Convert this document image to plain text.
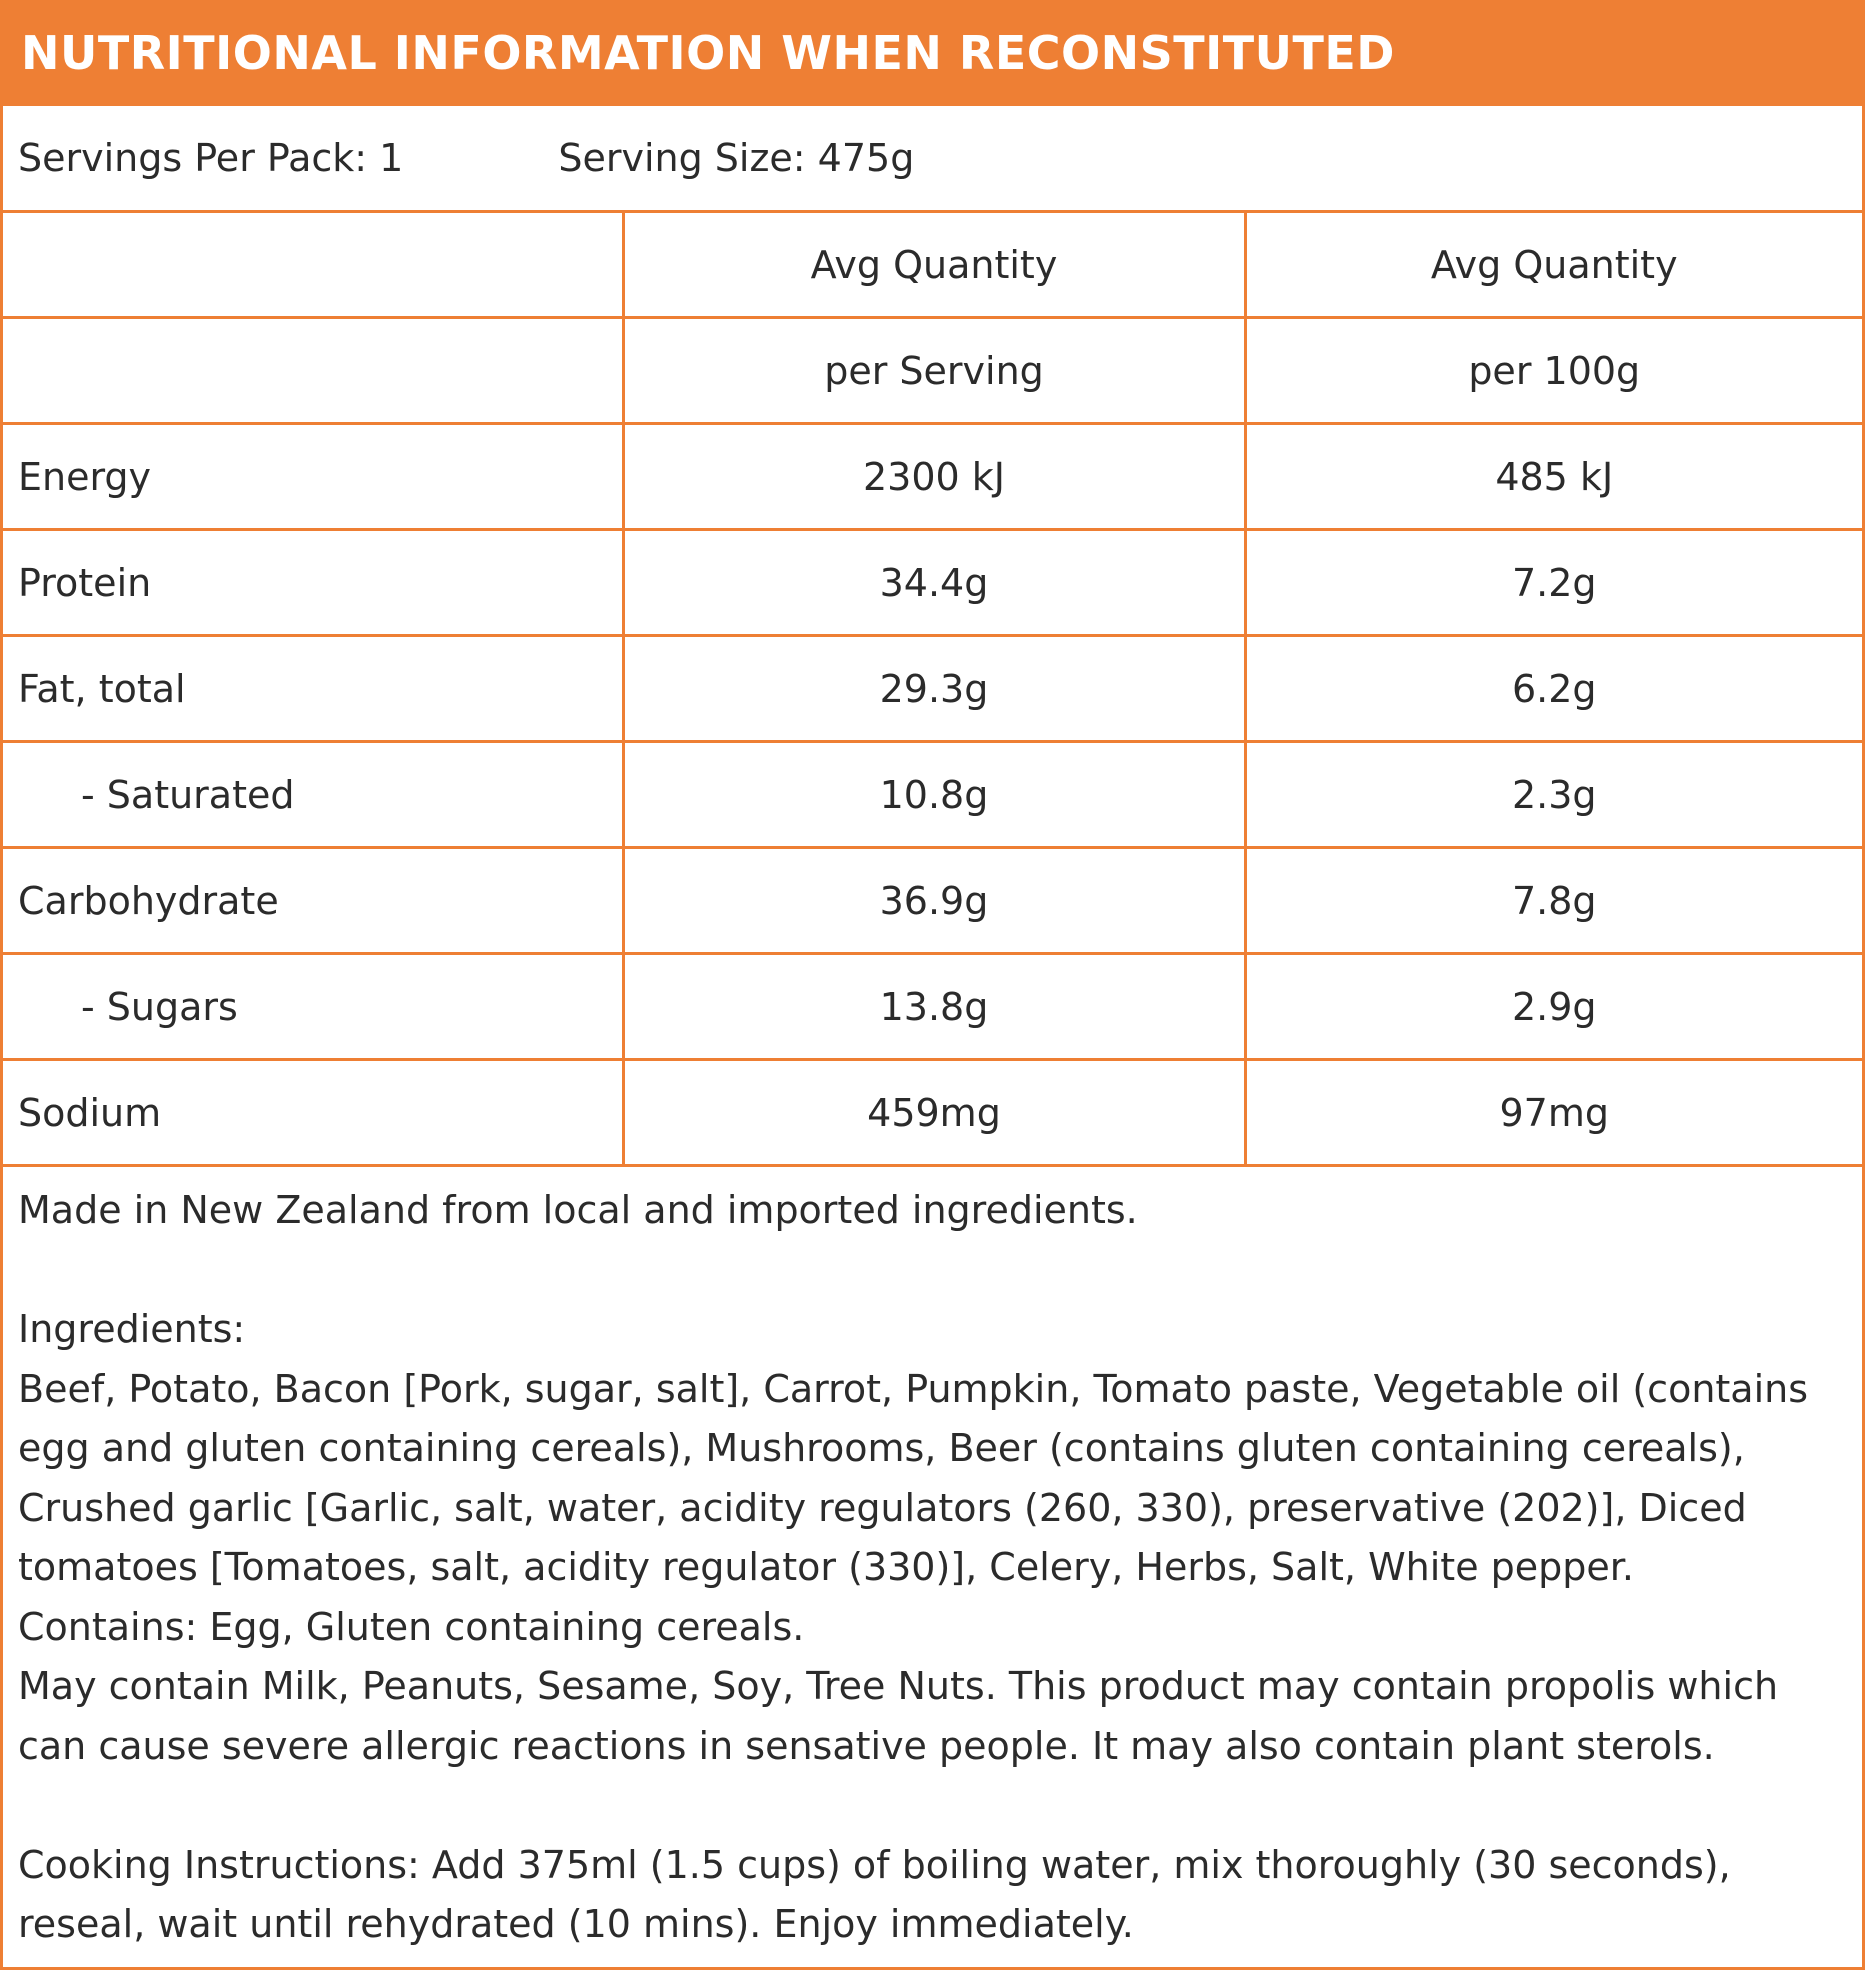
NUTRITIONAL INFORMATION WHEN RECONSTITUTED
Servings Per Pack: 1	Serving Size: 475g
	Avg Quantity	Avg Quantity
	per Serving	per 100g
Energy	2300 kJ	485 kJ
Protein	34.4g	7.2g
Fat, total	29.3g	6.2g
- Saturated	10.8g	2.3g
Carbohydrate	36.9g	7.8g
- Sugars	13.8g	2.9g
Sodium	459mg	97mg

Made in New Zealand from local and imported ingredients.

Ingredients:

Beef, Potato, Bacon [Pork, sugar, salt], Carrot, Pumpkin, Tomato paste, Vegetable oil (contains egg and gluten containing cereals), Mushrooms, Beer (contains gluten containing cereals), Crushed garlic [Garlic, salt, water, acidity regulators (260, 330), preservative (202)], Diced tomatoes [Tomatoes, salt, acidity regulator (330)], Celery, Herbs, Salt, White pepper.

Contains: Egg, Gluten containing cereals.

May contain Milk, Peanuts, Sesame, Soy, Tree Nuts. This product may contain propolis which can cause severe allergic reactions in sensative people. It may also contain plant sterols.

Cooking Instructions: Add 375ml (1.5 cups) of boiling water, mix thoroughly (30 seconds), reseal, wait until rehydrated (10 mins). Enjoy immediately.
